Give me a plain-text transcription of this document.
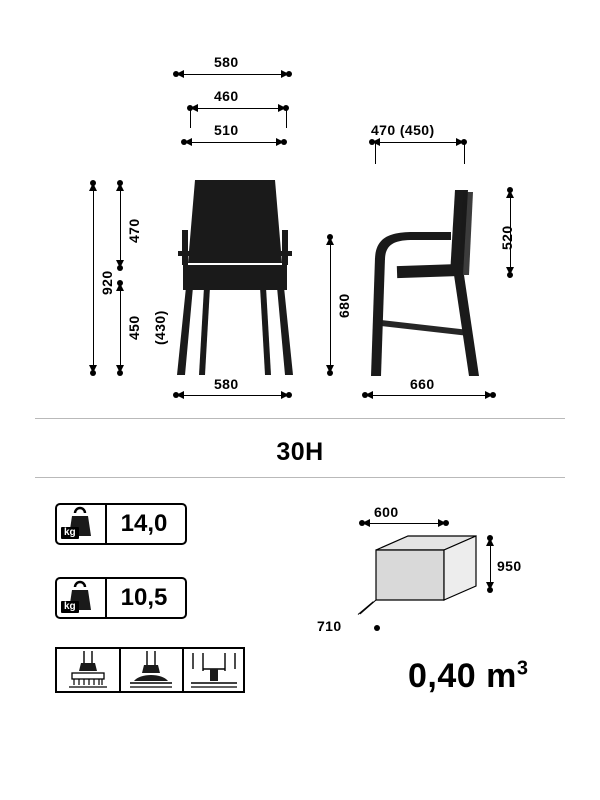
580
460
510
920
470
450 (430)
580
470 (450)
520
680
660
30H
kg	14,0
kg	10,5
600
950
710
0,40 $m^3$
